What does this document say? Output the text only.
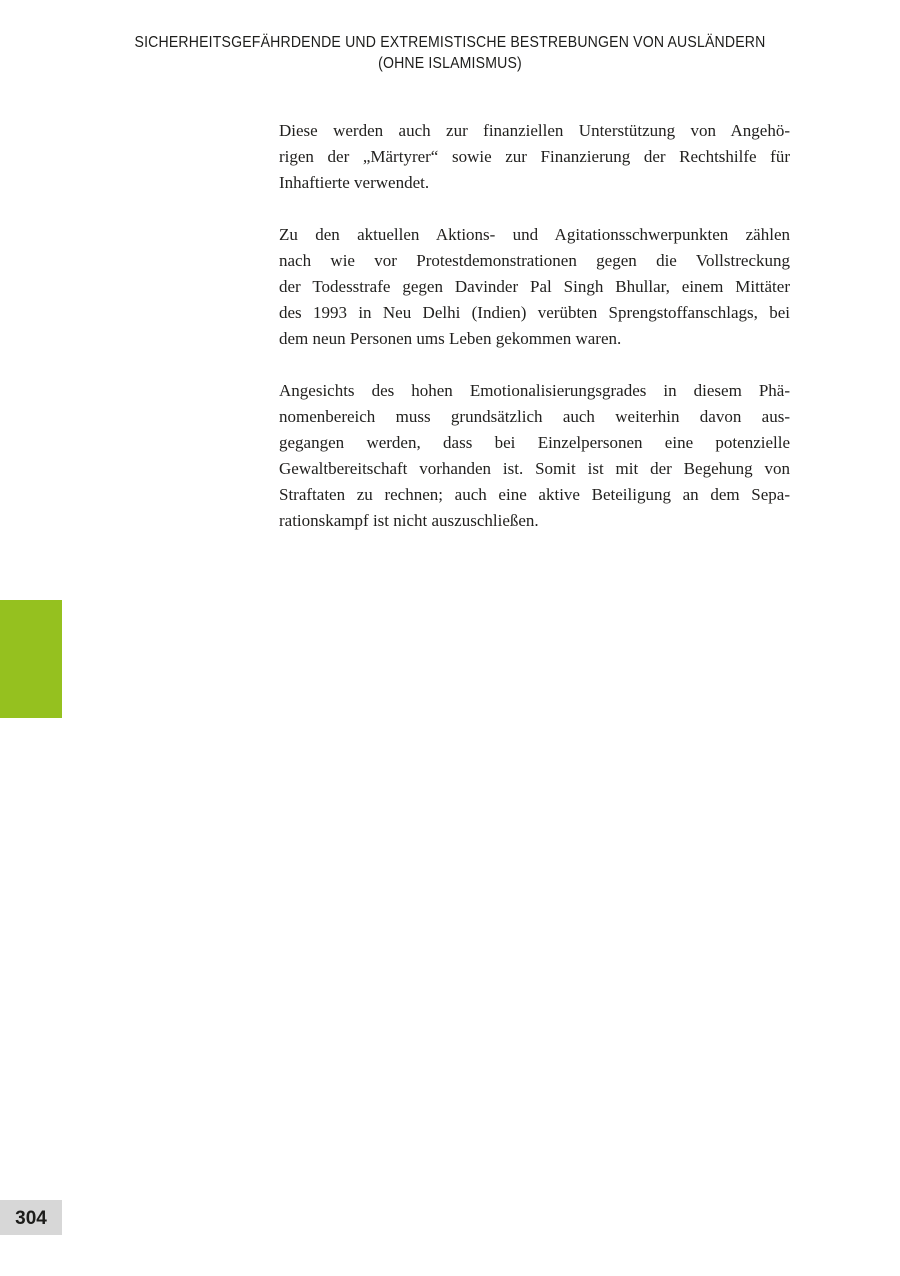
SICHERHEITSGEFÄHRDENDE UND EXTREMISTISCHE BESTREBUNGEN VON AUSLÄNDERN
(OHNE ISLAMISMUS)
Diese werden auch zur finanziellen Unterstützung von Angehö-
rigen der „Märtyrer“ sowie zur Finanzierung der Rechtshilfe für
Inhaftierte verwendet.
Zu den aktuellen Aktions- und Agitationsschwerpunkten zählen
nach wie vor Protestdemonstrationen gegen die Vollstreckung
der Todesstrafe gegen Davinder Pal Singh Bhullar, einem Mittäter
des 1993 in Neu Delhi (Indien) verübten Sprengstoffanschlags, bei
dem neun Personen ums Leben gekommen waren.
Angesichts des hohen Emotionalisierungsgrades in diesem Phä-
nomenbereich muss grundsätzlich auch weiterhin davon aus-
gegangen werden, dass bei Einzelpersonen eine potenzielle
Gewaltbereitschaft vorhanden ist. Somit ist mit der Begehung von
Straftaten zu rechnen; auch eine aktive Beteiligung an dem Sepa-
rationskampf ist nicht auszuschließen.
304
